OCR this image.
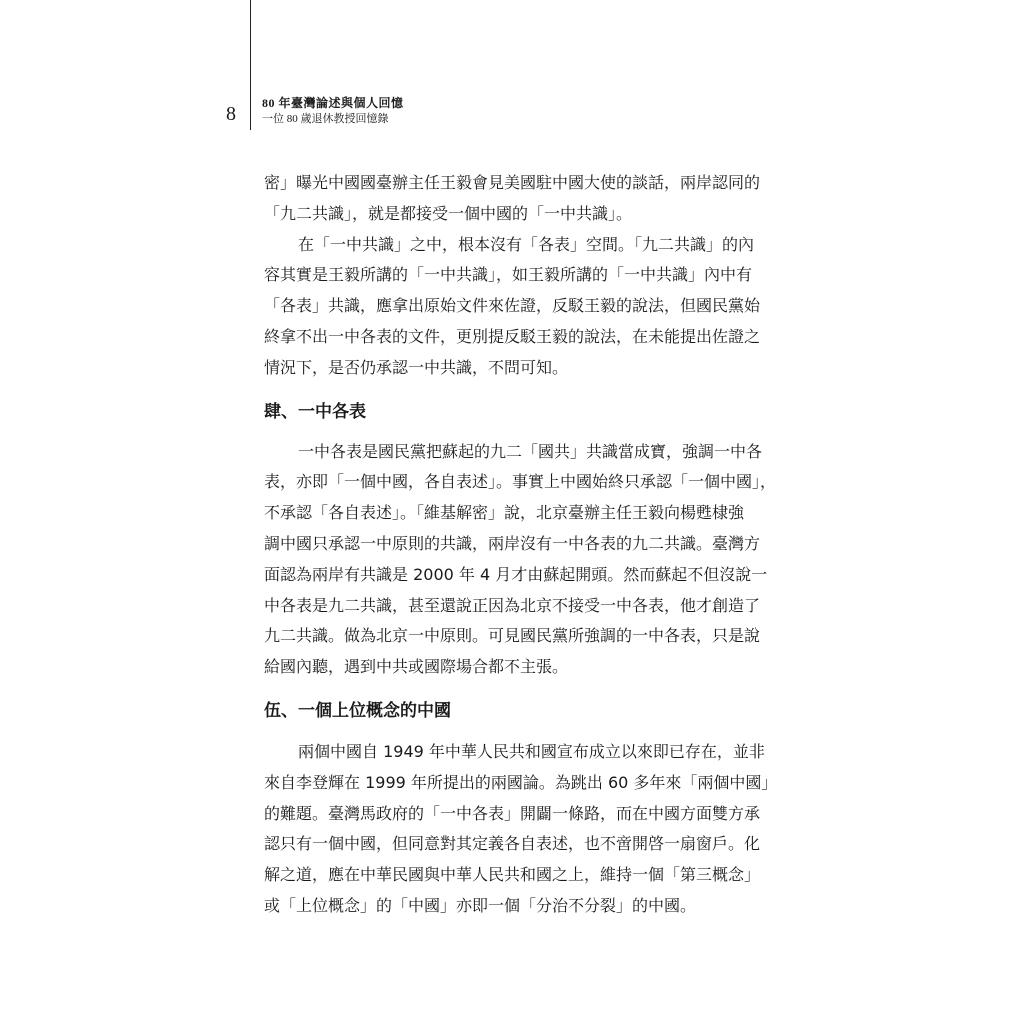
8 80 年臺灣論述與個人回憶
一位 80 歲退休教授回憶錄

密」曝光中國國臺辦主任王毅會見美國駐中國大使的談話，兩岸認同的
「九二共識」，就是都接受一個中國的「一中共識」。

在「一中共識」之中，根本沒有「各表」空間。「九二共識」的內
容其實是王毅所講的「一中共識」，如王毅所講的「一中共識」內中有
「各表」共識，應拿出原始文件來佐證，反駁王毅的說法，但國民黨始
終拿不出一中各表的文件，更別提反駁王毅的說法，在未能提出佐證之
情況下，是否仍承認一中共識，不問可知。

肆、一中各表

一中各表是國民黨把蘇起的九二「國共」共識當成寶，強調一中各
表，亦即「一個中國，各自表述」。事實上中國始終只承認「一個中國」，
不承認「各自表述」。「維基解密」說，北京臺辦主任王毅向楊甦棣強
調中國只承認一中原則的共識，兩岸沒有一中各表的九二共識。臺灣方
面認為兩岸有共識是 2000 年 4 月才由蘇起開頭。然而蘇起不但沒說一
中各表是九二共識，甚至還說正因為北京不接受一中各表，他才創造了
九二共識。做為北京一中原則。可見國民黨所強調的一中各表，只是說
給國內聽，遇到中共或國際場合都不主張。

伍、一個上位概念的中國

兩個中國自 1949 年中華人民共和國宣布成立以來即已存在，並非
來自李登輝在 1999 年所提出的兩國論。為跳出 60 多年來「兩個中國」
的難題。臺灣馬政府的「一中各表」開闢一條路，而在中國方面雙方承
認只有一個中國，但同意對其定義各自表述，也不啻開啓一扇窗戶。化
解之道，應在中華民國與中華人民共和國之上，維持一個「第三概念」
或「上位概念」的「中國」亦即一個「分治不分裂」的中國。
